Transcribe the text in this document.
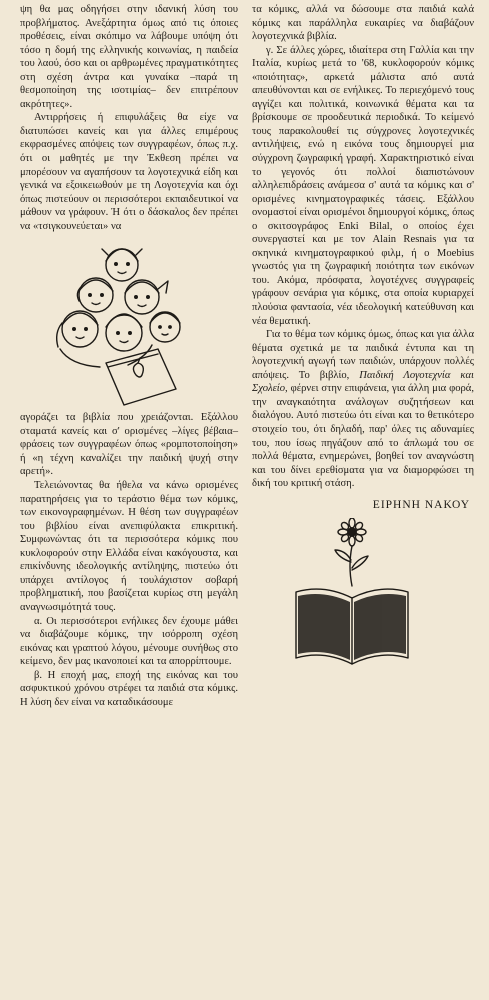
ψη θα μας οδηγήσει στην ιδανική λύση του προβλήματος. Ανεξάρτητα όμως από τις όποιες προθέσεις, είναι σκόπιμο να λάβουμε υπόψη ότι τόσο η δομή της ελληνικής κοινωνίας, η παιδεία του λαού, όσο και οι αρθρωμένες πραγματικότητες στη σχέση άντρα και γυναίκα –παρά τη θεσμοποίηση της ισοτιμίας– δεν επιτρέπουν ακρότητες».

Αντιρρήσεις ή επιφυλάξεις θα είχε να διατυπώσει κανείς και για άλλες επιμέρους εκφρασμένες απόψεις των συγγραφέων, όπως π.χ. ότι οι μαθητές με την Έκθεση πρέπει να μπορέσουν να αγαπήσουν τα λογοτεχνικά είδη και γενικά να εξοικειωθούν με τη Λογοτεχνία και όχι όπως πιστεύουν οι περισσότεροι εκπαιδευτικοί να μάθουν να γράφουν. Ή ότι ο δάσκαλος δεν πρέπει να «τσιγκουνεύεται» να

αγοράζει τα βιβλία που χρειάζονται. Εξάλλου σταματά κανείς και σ' ορισμένες –λίγες βέβαια– φράσεις των συγγραφέων όπως «ρομποτοποίηση» ή «η τέχνη καναλίζει την παιδική ψυχή στην αρετή».

Τελειώνοντας θα ήθελα να κάνω ορισμένες παρατηρήσεις για το τεράστιο θέμα των κόμικς, των εικονογραφημένων. Η θέση των συγγραφέων του βιβλίου είναι ανεπιφύλακτα επικριτική. Συμφωνώντας ότι τα περισσότερα κόμικς που κυκλοφορούν στην Ελλάδα είναι κακόγουστα, και επικίνδυνης ιδεολογικής αντίληψης, πιστεύω ότι υπάρχει αντίλογος ή τουλάχιστον σοβαρή προβληματική, που βασίζεται κυρίως στη μεγάλη αναγνωσιμότητά τους.

α. Οι περισσότεροι ενήλικες δεν έχουμε μάθει να διαβάζουμε κόμικς, την ισόρροπη σχέση εικόνας και γραπτού λόγου, μένουμε συνήθως στο κείμενο, δεν μας ικανοποιεί και τα απορρίπτουμε.

β. Η εποχή μας, εποχή της εικόνας και του ασφυκτικού χρόνου στρέφει τα παιδιά στα κόμικς. Η λύση δεν είναι να καταδικάσουμε

τα κόμικς, αλλά να δώσουμε στα παιδιά καλά κόμικς και παράλληλα ευκαιρίες να διαβάζουν λογοτεχνικά βιβλία.

γ. Σε άλλες χώρες, ιδιαίτερα στη Γαλλία και την Ιταλία, κυρίως μετά το '68, κυκλοφορούν κόμικς «ποιότητας», αρκετά μάλιστα από αυτά απευθύνονται και σε ενήλικες. Το περιεχόμενό τους αγγίζει και πολιτικά, κοινωνικά θέματα και τα βρίσκουμε σε προοδευτικά περιοδικά. Το κείμενό τους παρακολουθεί τις σύγχρονες λογοτεχνικές αντιλήψεις, ενώ η εικόνα τους δημιουργεί μια σύγχρονη ζωγραφική γραφή. Χαρακτηριστικό είναι το γεγονός ότι πολλοί διαπιστώνουν αλληλεπιδράσεις ανάμεσα σ' αυτά τα κόμικς και σ' ορισμένες κινηματογραφικές τάσεις. Εξάλλου ονομαστοί είναι ορισμένοι δημιουργοί κόμικς, όπως ο σκιτσογράφος Enki Bilal, ο οποίος έχει συνεργαστεί και με τον Alain Resnais για τα σκηνικά κινηματογραφικού φιλμ, ή ο Moebius γνωστός για τη ζωγραφική ποιότητα των εικόνων του. Ακόμα, πρόσφατα, λογοτέχνες συγγραφείς γράφουν σενάρια για κόμικς, στα οποία κυριαρχεί πλούσια φαντασία, νέα ιδεολογική κατεύθυνση και νέα θεματική.

Για το θέμα των κόμικς όμως, όπως και για άλλα θέματα σχετικά με τα παιδικά έντυπα και τη λογοτεχνική αγωγή των παιδιών, υπάρχουν πολλές απόψεις. Το βιβλίο, Παιδική Λογοτεχνία και Σχολείο, φέρνει στην επιφάνεια, για άλλη μια φορά, την αναγκαιότητα ανάλογων συζητήσεων και διαλόγου. Αυτό πιστεύω ότι είναι και το θετικότερο στοιχείο του, ότι δηλαδή, παρ' όλες τις αδυναμίες του, που ίσως πηγάζουν από το άπλωμά του σε πολλά θέματα, ενημερώνει, βοηθεί τον αναγνώστη και του δίνει ερεθίσματα για να διαμορφώσει τη δική του κριτική στάση.

ΕΙΡΗΝΗ ΝΑΚΟΥ
